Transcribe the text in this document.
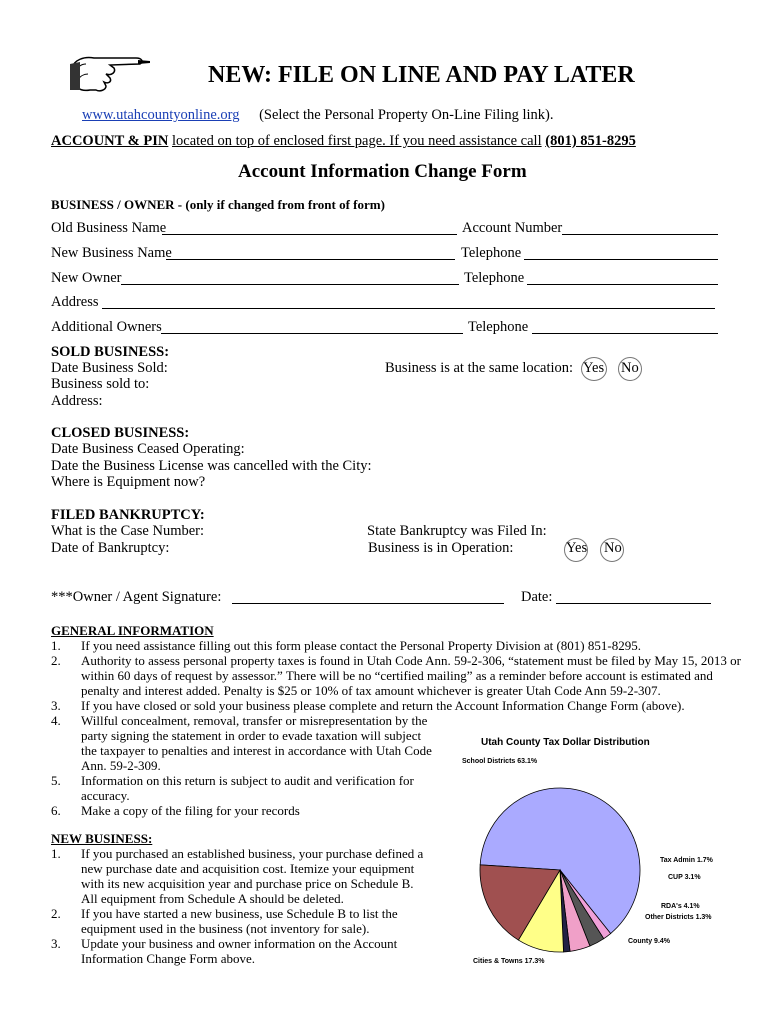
NEW: FILE ON LINE AND PAY LATER
www.utahcountyonline.org (Select the Personal Property On-Line Filing link).
ACCOUNT & PIN located on top of enclosed first page. If you need assistance call (801) 851-8295
Account Information Change Form
BUSINESS / OWNER - (only if changed from front of form)
Old Business Name	Account Number
New Business Name	Telephone
New Owner	Telephone
Address
Additional Owners	Telephone
SOLD BUSINESS:
Date Business Sold:	Business is at the same location: Yes No
Business sold to:
Address:
CLOSED BUSINESS:
Date Business Ceased Operating:
Date the Business License was cancelled with the City:
Where is Equipment now?
FILED BANKRUPTCY:
What is the Case Number:	State Bankruptcy was Filed In:
Date of Bankruptcy:	Business is in Operation:	Yes No
***Owner / Agent Signature:	Date:
GENERAL INFORMATION
1. If you need assistance filling out this form please contact the Personal Property Division at (801) 851-8295.
2. Authority to assess personal property taxes is found in Utah Code Ann. 59-2-306, “statement must be filed by May 15, 2013 or
within 60 days of request by assessor.” There will be no “certified mailing” as a reminder before account is estimated and
penalty and interest added. Penalty is $25 or 10% of tax amount whichever is greater Utah Code Ann 59-2-307.
3. If you have closed or sold your business please complete and return the Account Information Change Form (above).
4. Willful concealment, removal, transfer or misrepresentation by the
party signing the statement in order to evade taxation will subject
the taxpayer to penalties and interest in accordance with Utah Code
Ann. 59-2-309.
5. Information on this return is subject to audit and verification for
accuracy.
6. Make a copy of the filing for your records
NEW BUSINESS:
1. If you purchased an established business, your purchase defined a
new purchase date and acquisition cost. Itemize your equipment
with its new acquisition year and purchase price on Schedule B.
All equipment from Schedule A should be deleted.
2. If you have started a new business, use Schedule B to list the
equipment used in the business (not inventory for sale).
3. Update your business and owner information on the Account
Information Change Form above.
Utah County Tax Dollar Distribution
School Districts 63.1%
Tax Admin 1.7%
CUP 3.1%
RDA's 4.1%
Other Districts 1.3%
County 9.4%
Cities & Towns 17.3%
